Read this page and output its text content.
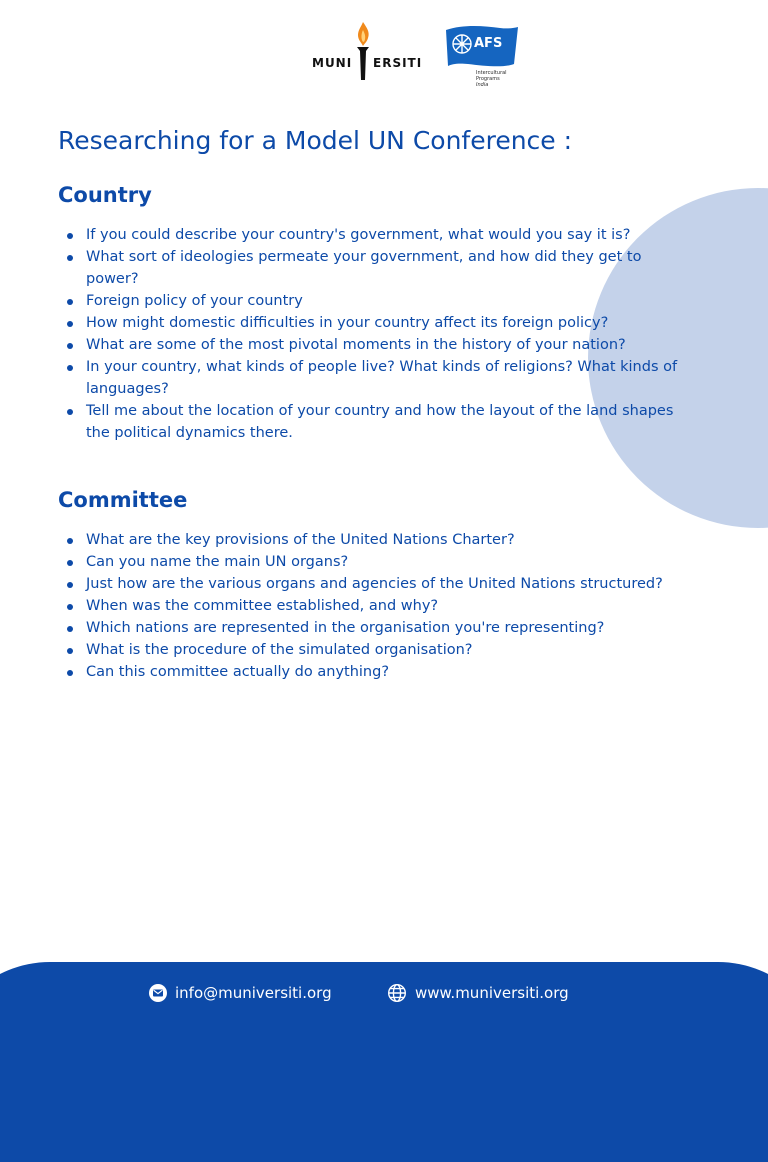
MUNI ERSITI
AFS
Intercultural
Programs
India
Researching for a Model UN Conference :
Country
If you could describe your country's government, what would you say it is?
What sort of ideologies permeate your government, and how did they get to power?
Foreign policy of your country
How might domestic difficulties in your country affect its foreign policy?
What are some of the most pivotal moments in the history of your nation?
In your country, what kinds of people live? What kinds of religions? What kinds of languages?
Tell me about the location of your country and how the layout of the land shapes the political dynamics there.
Committee
What are the key provisions of the United Nations Charter?
Can you name the main UN organs?
Just how are the various organs and agencies of the United Nations structured?
When was the committee established, and why?
Which nations are represented in the organisation you're representing?
What is the procedure of the simulated organisation?
Can this committee actually do anything?
info@muniversiti.org	www.muniversiti.org
